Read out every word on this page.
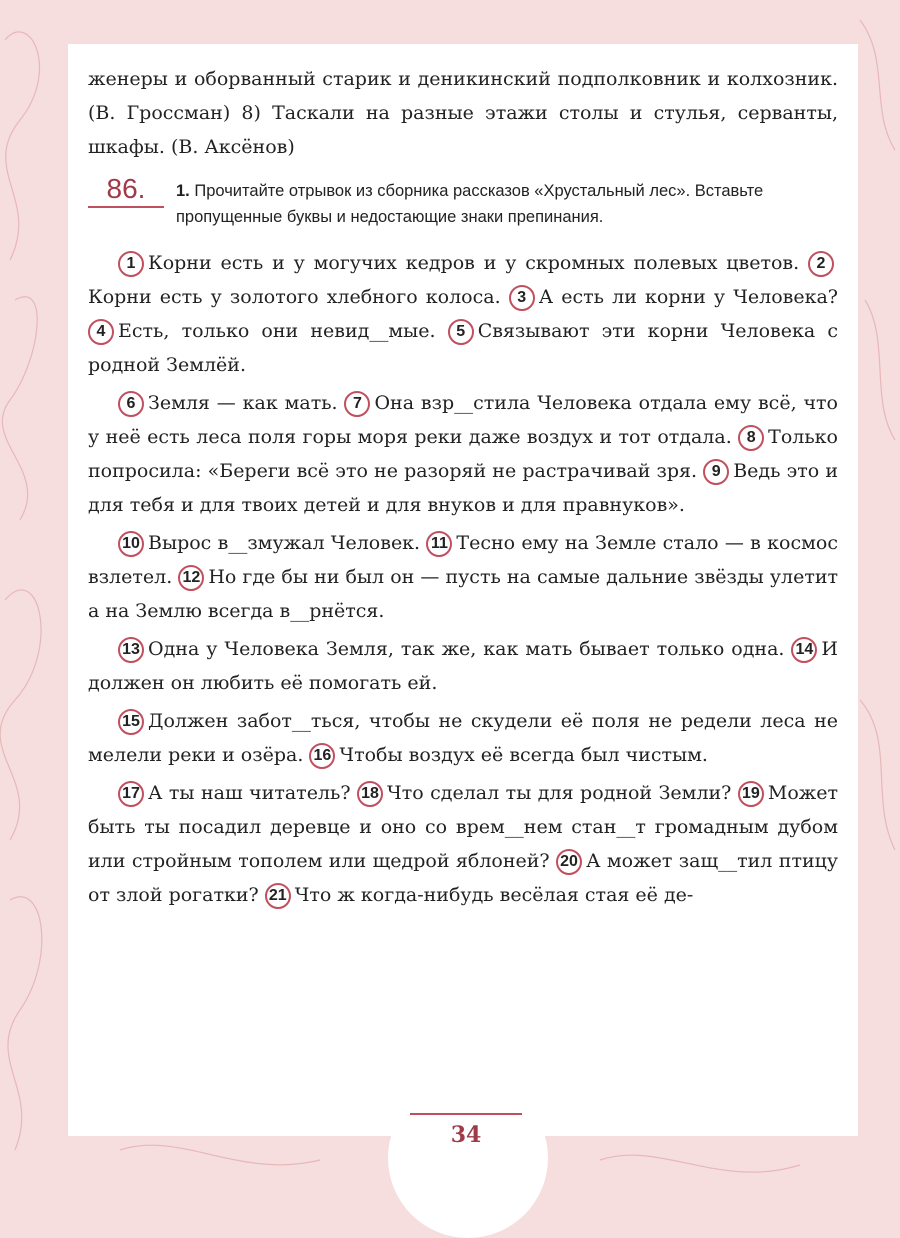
34

женеры и оборванный старик и деникинский подполковник и колхозник. (В. Гроссман) 8) Таскали на разные этажи столы и стулья, серванты, шкафы. (В. Аксёнов)

86.	1. Прочитайте отрывок из сборника рассказов «Хрустальный лес». Вставьте пропущенные буквы и недостающие знаки препинания.

1 Корни есть и у могучих кедров и у скромных полевых цветов. 2Корни есть у золотого хлебного колоса. 3 А есть ли корни у Человека? 4 Есть, только они невид__мые. 5 Связывают эти корни Человека с родной Землёй.

6 Земля — как мать. 7 Она взр__стила Человека отдала ему всё, что у неё есть леса поля горы моря реки даже воздух и тот отдала. 8 Только попросила: «Береги всё это не разоряй не растрачивай зря. 9 Ведь это и для тебя и для твоих детей и для внуков и для правнуков».

10 Вырос в__змужал Человек. 11 Тесно ему на Земле стало — в космос взлетел. 12 Но где бы ни был он — пусть на самые дальние звёзды улетит а на Землю всегда в__рнётся.

13 Одна у Человека Земля, так же, как мать бывает только одна. 14 И должен он любить её помогать ей.

15 Должен забот__ться, чтобы не скудели её поля не редели леса не мелели реки и озёра. 16 Чтобы воздух её всегда был чистым.

17 А ты наш читатель? 18 Что сделал ты для родной Земли? 19 Может быть ты посадил деревце и оно со врем__нем стан__т громадным дубом или стройным тополем или щедрой яблоней? 20 А может защ__тил птицу от злой рогатки? 21 Что ж когда-нибудь весёлая стая её де-
